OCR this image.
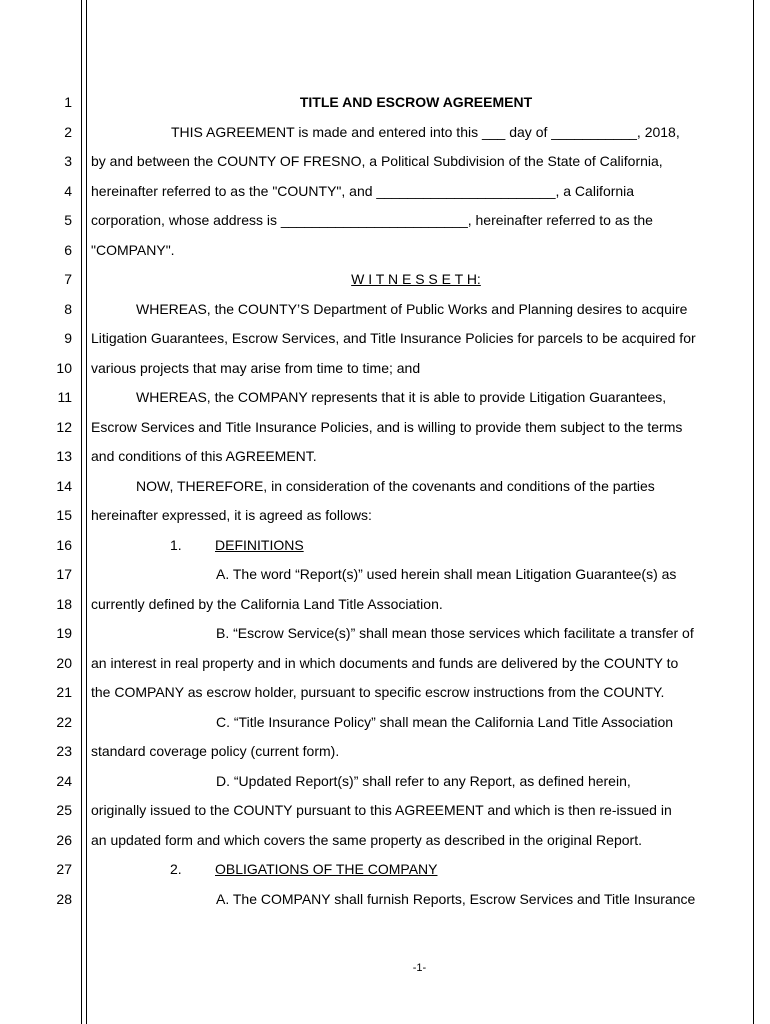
1
2
3
4
5
6
7
8
9
10
11
12
13
14
15
16
17
18
19
20
21
22
23
24
25
26
27
28
TITLE AND ESCROW AGREEMENT
THIS AGREEMENT is made and entered into this ___ day of ___________, 2018,
by and between the COUNTY OF FRESNO, a Political Subdivision of the State of California,
hereinafter referred to as the "COUNTY", and _______________________, a California
corporation, whose address is ________________________, hereinafter referred to as the
"COMPANY".
W I T N E S S E T H:
WHEREAS, the COUNTY’S Department of Public Works and Planning desires to acquire
Litigation Guarantees, Escrow Services, and Title Insurance Policies for parcels to be acquired for
various projects that may arise from time to time; and
WHEREAS, the COMPANY represents that it is able to provide Litigation Guarantees,
Escrow Services and Title Insurance Policies, and is willing to provide them subject to the terms
and conditions of this AGREEMENT.
NOW, THEREFORE, in consideration of the covenants and conditions of the parties
hereinafter expressed, it is agreed as follows:
1. DEFINITIONS
A. The word “Report(s)” used herein shall mean Litigation Guarantee(s) as
currently defined by the California Land Title Association.
B. “Escrow Service(s)” shall mean those services which facilitate a transfer of
an interest in real property and in which documents and funds are delivered by the COUNTY to
the COMPANY as escrow holder, pursuant to specific escrow instructions from the COUNTY.
C. “Title Insurance Policy” shall mean the California Land Title Association
standard coverage policy (current form).
D. “Updated Report(s)” shall refer to any Report, as defined herein,
originally issued to the COUNTY pursuant to this AGREEMENT and which is then re-issued in
an updated form and which covers the same property as described in the original Report.
2. OBLIGATIONS OF THE COMPANY
A. The COMPANY shall furnish Reports, Escrow Services and Title Insurance
-1-
